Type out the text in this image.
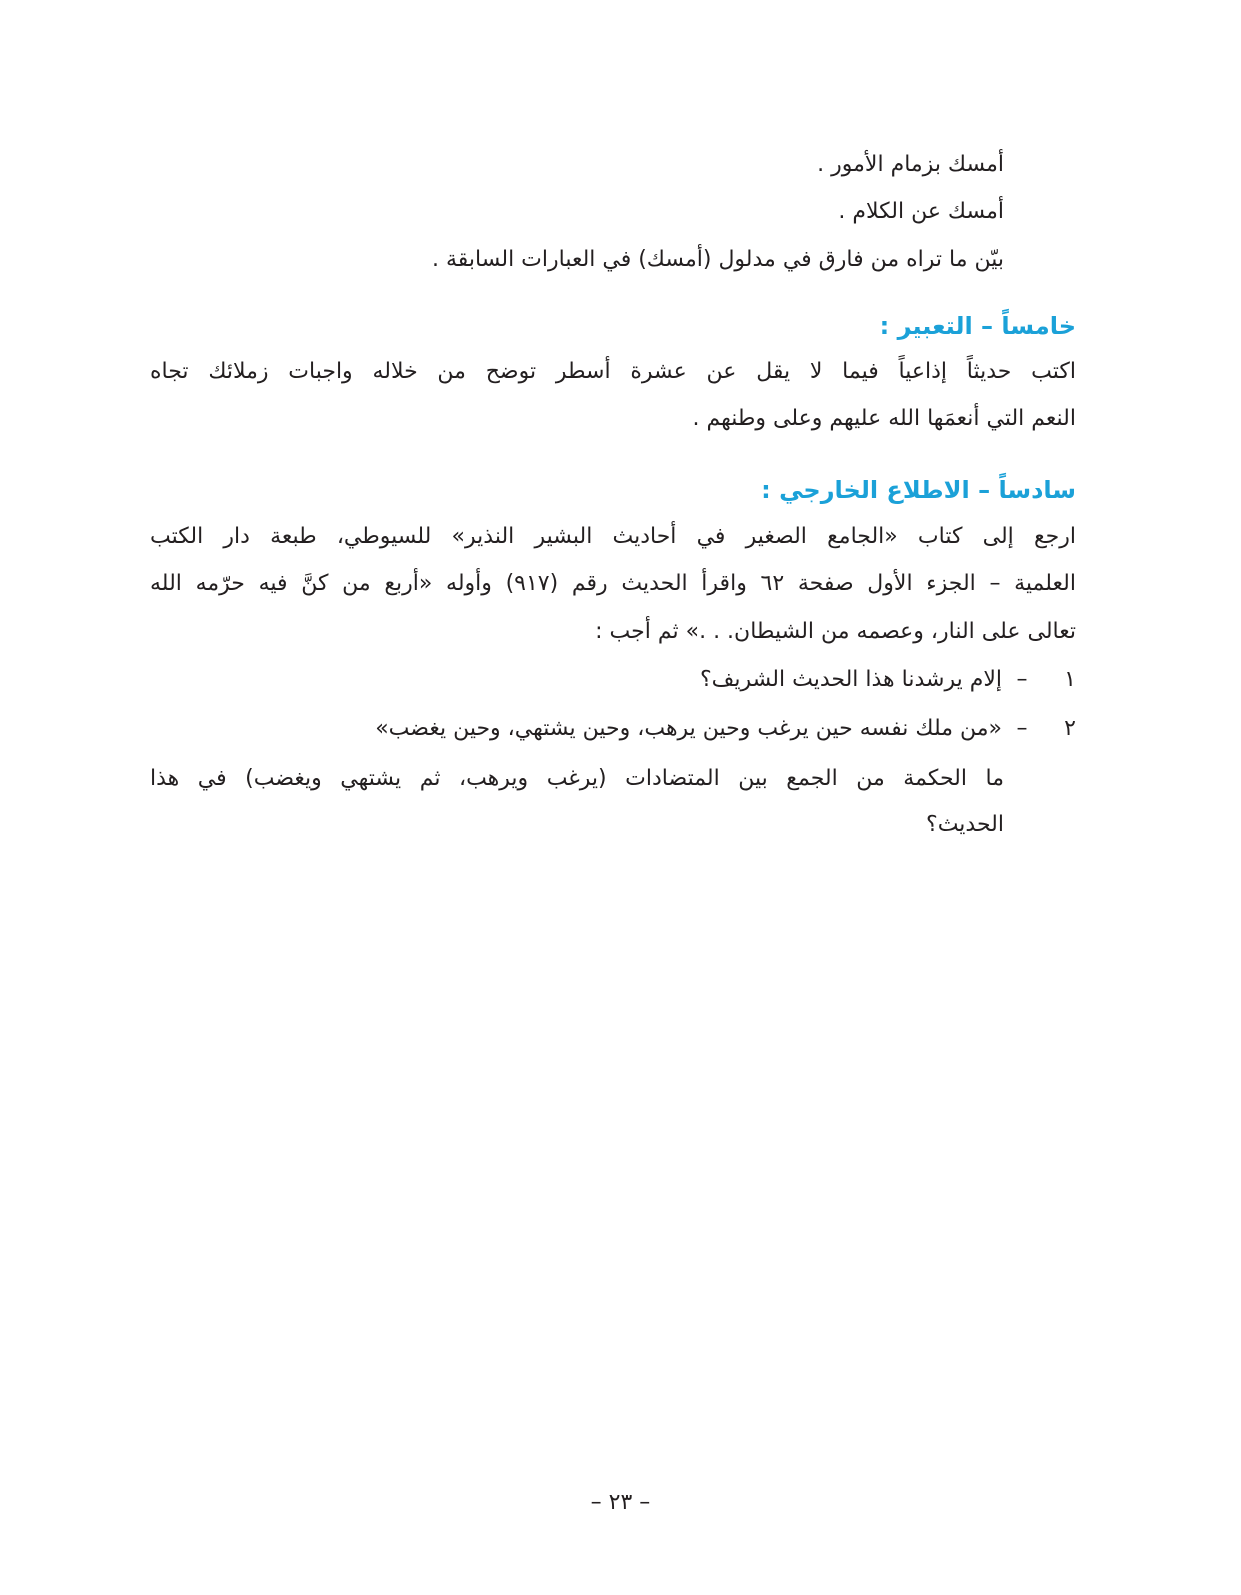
أمسك بزمام الأمور .
أمسك عن الكلام .
بيّن ما تراه من فارق في مدلول (أمسك) في العبارات السابقة .
خامساً – التعبير :
اكتب حديثاً إذاعياً فيما لا يقل عن عشرة أسطر توضح من خلاله واجبات زملائك تجاه
النعم التي أنعمَها الله عليهم وعلى وطنهم .
سادساً – الاطلاع الخارجي :
ارجع إلى كتاب «الجامع الصغير في أحاديث البشير النذير» للسيوطي، طبعة دار الكتب
العلمية – الجزء الأول صفحة ٦٢ واقرأ الحديث رقم (٩١٧) وأوله «أربع من كنَّ فيه حرّمه الله
تعالى على النار، وعصمه من الشيطان. . .» ثم أجب :
١–إلام يرشدنا هذا الحديث الشريف؟
٢–«من ملك نفسه حين يرغب وحين يرهب، وحين يشتهي، وحين يغضب»
ما الحكمة من الجمع بين المتضادات (يرغب ويرهب، ثم يشتهي ويغضب) في هذا
الحديث؟
– ٢٣ –
